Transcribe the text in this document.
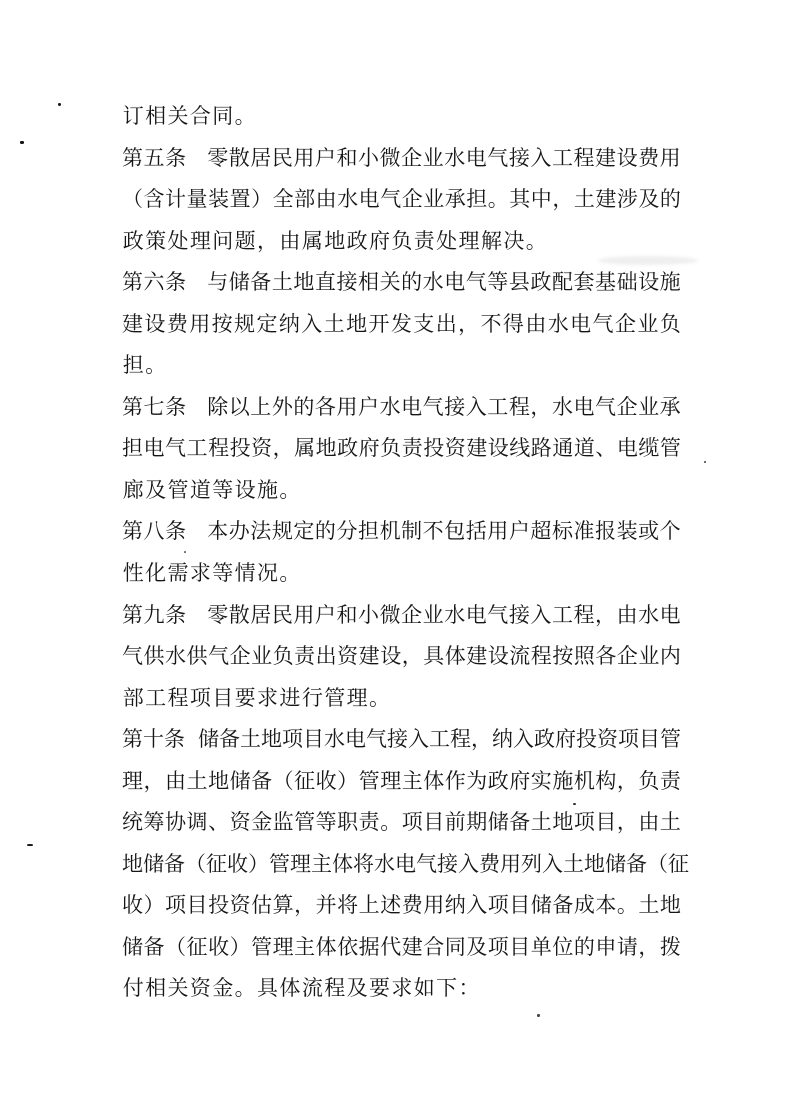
订 相 关 合 同 。
第 五 条 零 散 居 民 用 户 和 小 微 企 业 水 电 气 接 入 工 程 建 设 费 用
（ 含 计 量 装 置 ） 全 部 由 水 电 气 企 业 承 担 。 其 中 ， 土 建 涉 及 的
政 策 处 理 问 题 ， 由 属 地 政 府 负 责 处 理 解 决 。
第 六 条 与 储 备 土 地 直 接 相 关 的 水 电 气 等 县 政 配 套 基 础 设 施
建 设 费 用 按 规 定 纳 入 土 地 开 发 支 出 ， 不 得 由 水 电 气 企 业 负
担 。
第 七 条 除 以 上 外 的 各 用 户 水 电 气 接 入 工 程 ， 水 电 气 企 业 承
担 电 气 工 程 投 资 ， 属 地 政 府 负 责 投 资 建 设 线 路 通 道 、 电 缆 管
廊 及 管 道 等 设 施 。
第 八 条 本 办 法 规 定 的 分 担 机 制 不 包 括 用 户 超 标 准 报 装 或 个
性 化 需 求 等 情 况 。
第 九 条 零 散 居 民 用 户 和 小 微 企 业 水 电 气 接 入 工 程 ， 由 水 电
气 供 水 供 气 企 业 负 责 出 资 建 设 ， 具 体 建 设 流 程 按 照 各 企 业 内
部 工 程 项 目 要 求 进 行 管 理 。
第 十 条 储 备 土 地 项 目 水 电 气 接 入 工 程 ， 纳 入 政 府 投 资 项 目 管
理 ， 由 土 地 储 备 （ 征 收 ） 管 理 主 体 作 为 政 府 实 施 机 构 ， 负 责
统 筹 协 调 、 资 金 监 管 等 职 责 。 项 目 前 期 储 备 土 地 项 目 ， 由 土
地 储 备 （ 征 收 ） 管 理 主 体 将 水 电 气 接 入 费 用 列 入 土 地 储 备 （ 征
收 ） 项 目 投 资 估 算 ， 并 将 上 述 费 用 纳 入 项 目 储 备 成 本 。 土 地
储 备 （ 征 收 ） 管 理 主 体 依 据 代 建 合 同 及 项 目 单 位 的 申 请 ， 拨
付 相 关 资 金 。 具 体 流 程 及 要 求 如 下 ：
